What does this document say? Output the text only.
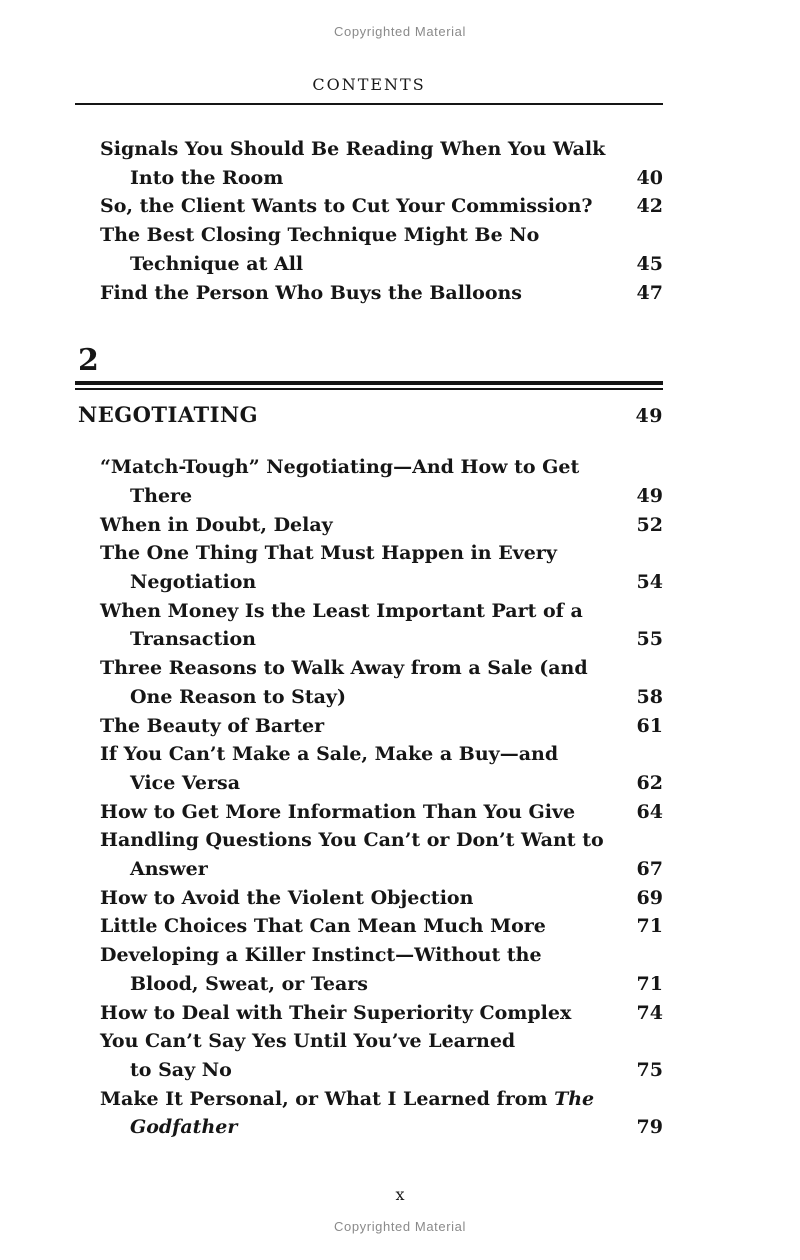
Copyrighted Material
CONTENTS
Signals You Should Be Reading When You Walk
Into the Room	40
So, the Client Wants to Cut Your Commission? 42
The Best Closing Technique Might Be No
Technique at All	45
Find the Person Who Buys the Balloons	47
2
NEGOTIATING	49
“Match-Tough” Negotiating—And How to Get
There	49
When in Doubt, Delay	52
The One Thing That Must Happen in Every
Negotiation	54
When Money Is the Least Important Part of a
Transaction	55
Three Reasons to Walk Away from a Sale (and
One Reason to Stay)	58
The Beauty of Barter	61
If You Can’t Make a Sale, Make a Buy—and
Vice Versa	62
How to Get More Information Than You Give	64
Handling Questions You Can’t or Don’t Want to
Answer	67
How to Avoid the Violent Objection	69
Little Choices That Can Mean Much More	71
Developing a Killer Instinct—Without the
Blood, Sweat, or Tears	71
How to Deal with Their Superiority Complex	74
You Can’t Say Yes Until You’ve Learned
to Say No	75
Make It Personal, or What I Learned from The
Godfather	79
x
Copyrighted Material
